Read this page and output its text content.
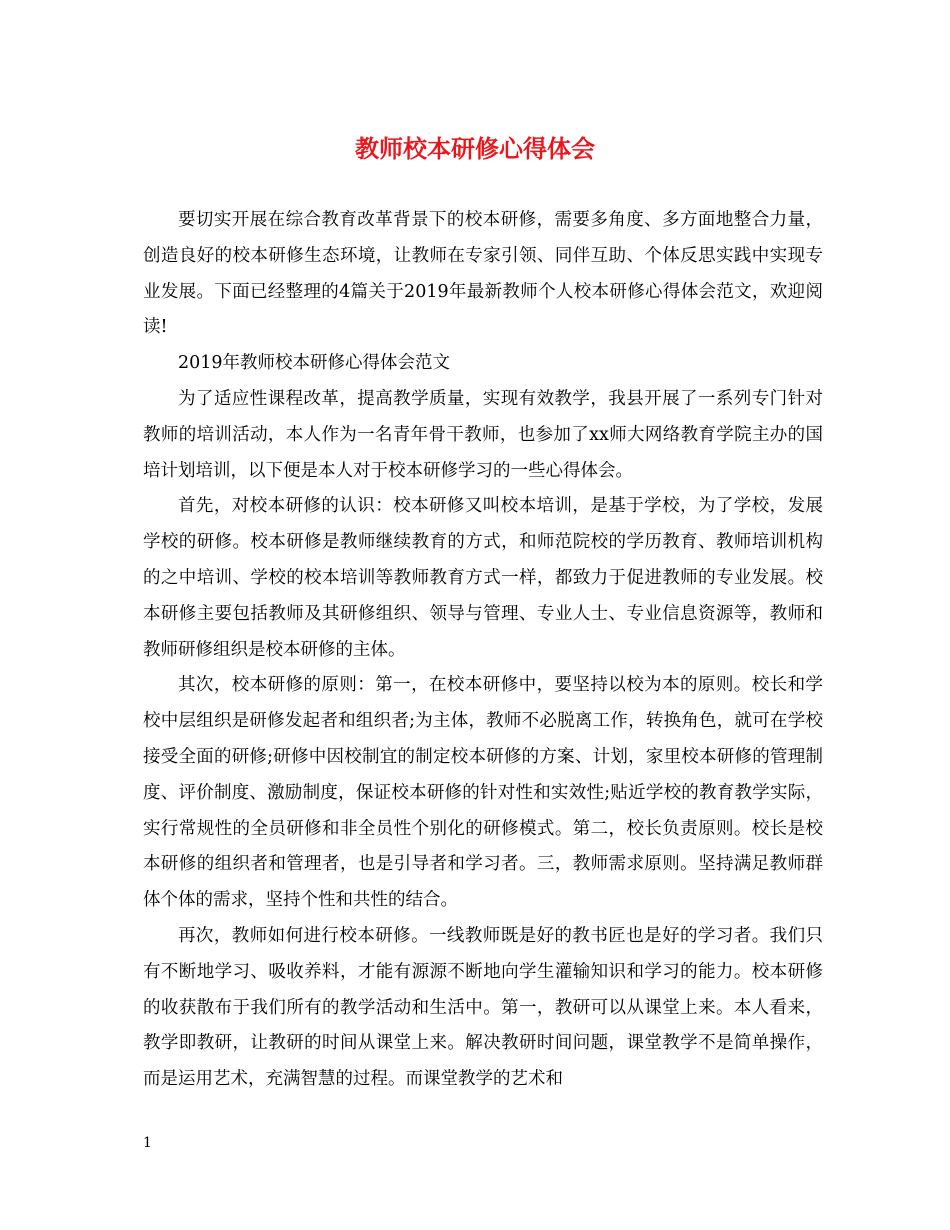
教师校本研修心得体会

要切实开展在综合教育改革背景下的校本研修，需要多角度、多方面地整合力量，创造良好的校本研修生态环境，让教师在专家引领、同伴互助、个体反思实践中实现专业发展。下面已经整理的4篇关于2019年最新教师个人校本研修心得体会范文，欢迎阅读!

2019年教师校本研修心得体会范文

为了适应性课程改革，提高教学质量，实现有效教学，我县开展了一系列专门针对教师的培训活动，本人作为一名青年骨干教师，也参加了xx师大网络教育学院主办的国培计划培训，以下便是本人对于校本研修学习的一些心得体会。

首先，对校本研修的认识：校本研修又叫校本培训，是基于学校，为了学校，发展学校的研修。校本研修是教师继续教育的方式，和师范院校的学历教育、教师培训机构的之中培训、学校的校本培训等教师教育方式一样，都致力于促进教师的专业发展。校本研修主要包括教师及其研修组织、领导与管理、专业人士、专业信息资源等，教师和教师研修组织是校本研修的主体。

其次，校本研修的原则：第一，在校本研修中，要坚持以校为本的原则。校长和学校中层组织是研修发起者和组织者;为主体，教师不必脱离工作，转换角色，就可在学校接受全面的研修;研修中因校制宜的制定校本研修的方案、计划，家里校本研修的管理制度、评价制度、激励制度，保证校本研修的针对性和实效性;贴近学校的教育教学实际，实行常规性的全员研修和非全员性个别化的研修模式。第二，校长负责原则。校长是校本研修的组织者和管理者，也是引导者和学习者。三，教师需求原则。坚持满足教师群体个体的需求，坚持个性和共性的结合。

再次，教师如何进行校本研修。一线教师既是好的教书匠也是好的学习者。我们只有不断地学习、吸收养料，才能有源源不断地向学生灌输知识和学习的能力。校本研修的收获散布于我们所有的教学活动和生活中。第一，教研可以从课堂上来。本人看来，教学即教研，让教研的时间从课堂上来。解决教研时间问题，课堂教学不是简单操作，而是运用艺术，充满智慧的过程。而课堂教学的艺术和

1
